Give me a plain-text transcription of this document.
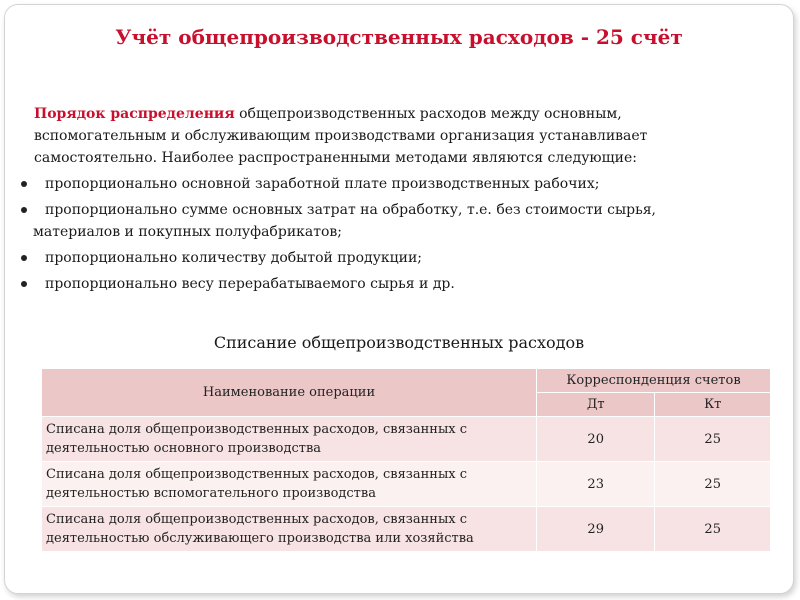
Учёт общепроизводственных расходов - 25 счёт

Порядок распределения общепроизводственных расходов между основным, вспомогательным и обслуживающим производствами организация устанавливает самостоятельно. Наиболее распространенными методами являются следующие:

пропорционально основной заработной плате производственных рабочих;
пропорционально сумме основных затрат на обработку, т.е. без стоимости сырья,
материалов и покупных полуфабрикатов;
пропорционально количеству добытой продукции;
пропорционально весу перерабатываемого сырья и др.
Списание общепроизводственных расходов
Наименование операции	Корреспонденция счетов	
	Дт	Кт

Списана доля общепроизводственных расходов, связанных с
деятельностью основного производства	20	25

Списана доля общепроизводственных расходов, связанных с
деятельностью вспомогательного производства	23	25

Списана доля общепроизводственных расходов, связанных с
деятельностью обслуживающего производства или хозяйства	29	25
